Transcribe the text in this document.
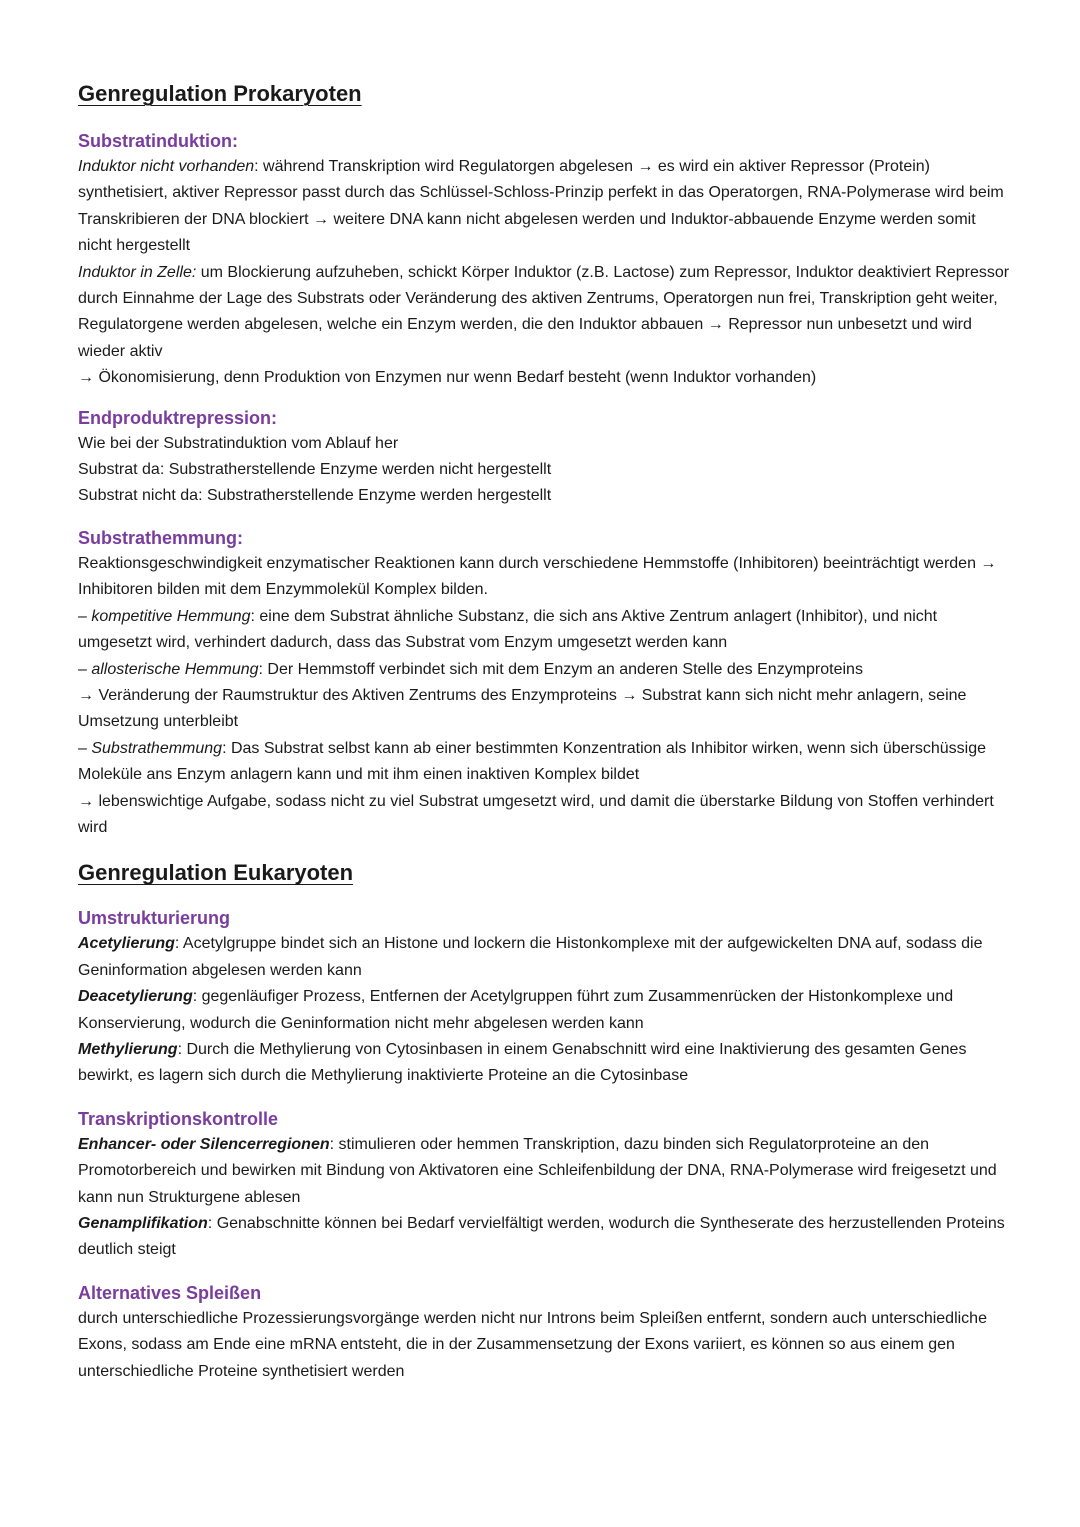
Genregulation Prokaryoten
Substratinduktion:

Induktor nicht vorhanden: während Transkription wird Regulatorgen abgelesen → es wird ein aktiver Repressor (Protein) synthetisiert, aktiver Repressor passt durch das Schlüssel-Schloss-Prinzip perfekt in das Operatorgen, RNA-Polymerase wird beim Transkribieren der DNA blockiert → weitere DNA kann nicht abgelesen werden und Induktor-abbauende Enzyme werden somit nicht hergestellt

Induktor in Zelle: um Blockierung aufzuheben, schickt Körper Induktor (z.B. Lactose) zum Repressor, Induktor deaktiviert Repressor durch Einnahme der Lage des Substrats oder Veränderung des aktiven Zentrums, Operatorgen nun frei, Transkription geht weiter, Regulatorgene werden abgelesen, welche ein Enzym werden, die den Induktor abbauen → Repressor nun unbesetzt und wird wieder aktiv

→ Ökonomisierung, denn Produktion von Enzymen nur wenn Bedarf besteht (wenn Induktor vorhanden)

Endproduktrepression:

Wie bei der Substratinduktion vom Ablauf her

Substrat da: Substratherstellende Enzyme werden nicht hergestellt

Substrat nicht da: Substratherstellende Enzyme werden hergestellt

Substrathemmung:

Reaktionsgeschwindigkeit enzymatischer Reaktionen kann durch verschiedene Hemmstoffe (Inhibitoren) beeinträchtigt werden → Inhibitoren bilden mit dem Enzymmolekül Komplex bilden.

– kompetitive Hemmung: eine dem Substrat ähnliche Substanz, die sich ans Aktive Zentrum anlagert (Inhibitor), und nicht umgesetzt wird, verhindert dadurch, dass das Substrat vom Enzym umgesetzt werden kann

– allosterische Hemmung: Der Hemmstoff verbindet sich mit dem Enzym an anderen Stelle des Enzymproteins

→ Veränderung der Raumstruktur des Aktiven Zentrums des Enzymproteins → Substrat kann sich nicht mehr anlagern, seine Umsetzung unterbleibt

– Substrathemmung: Das Substrat selbst kann ab einer bestimmten Konzentration als Inhibitor wirken, wenn sich überschüssige Moleküle ans Enzym anlagern kann und mit ihm einen inaktiven Komplex bildet

→ lebenswichtige Aufgabe, sodass nicht zu viel Substrat umgesetzt wird, und damit die überstarke Bildung von Stoffen verhindert wird

Genregulation Eukaryoten
Umstrukturierung

Acetylierung: Acetylgruppe bindet sich an Histone und lockern die Histonkomplexe mit der aufgewickelten DNA auf, sodass die Geninformation abgelesen werden kann

Deacetylierung: gegenläufiger Prozess, Entfernen der Acetylgruppen führt zum Zusammenrücken der Histonkomplexe und Konservierung, wodurch die Geninformation nicht mehr abgelesen werden kann

Methylierung: Durch die Methylierung von Cytosinbasen in einem Genabschnitt wird eine Inaktivierung des gesamten Genes bewirkt, es lagern sich durch die Methylierung inaktivierte Proteine an die Cytosinbase

Transkriptionskontrolle

Enhancer- oder Silencerregionen: stimulieren oder hemmen Transkription, dazu binden sich Regulatorproteine an den Promotorbereich und bewirken mit Bindung von Aktivatoren eine Schleifenbildung der DNA, RNA-Polymerase wird freigesetzt und kann nun Strukturgene ablesen

Genamplifikation: Genabschnitte können bei Bedarf vervielfältigt werden, wodurch die Syntheserate des herzustellenden Proteins deutlich steigt

Alternatives Spleißen

durch unterschiedliche Prozessierungsvorgänge werden nicht nur Introns beim Spleißen entfernt, sondern auch unterschiedliche Exons, sodass am Ende eine mRNA entsteht, die in der Zusammensetzung der Exons variiert, es können so aus einem gen unterschiedliche Proteine synthetisiert werden
